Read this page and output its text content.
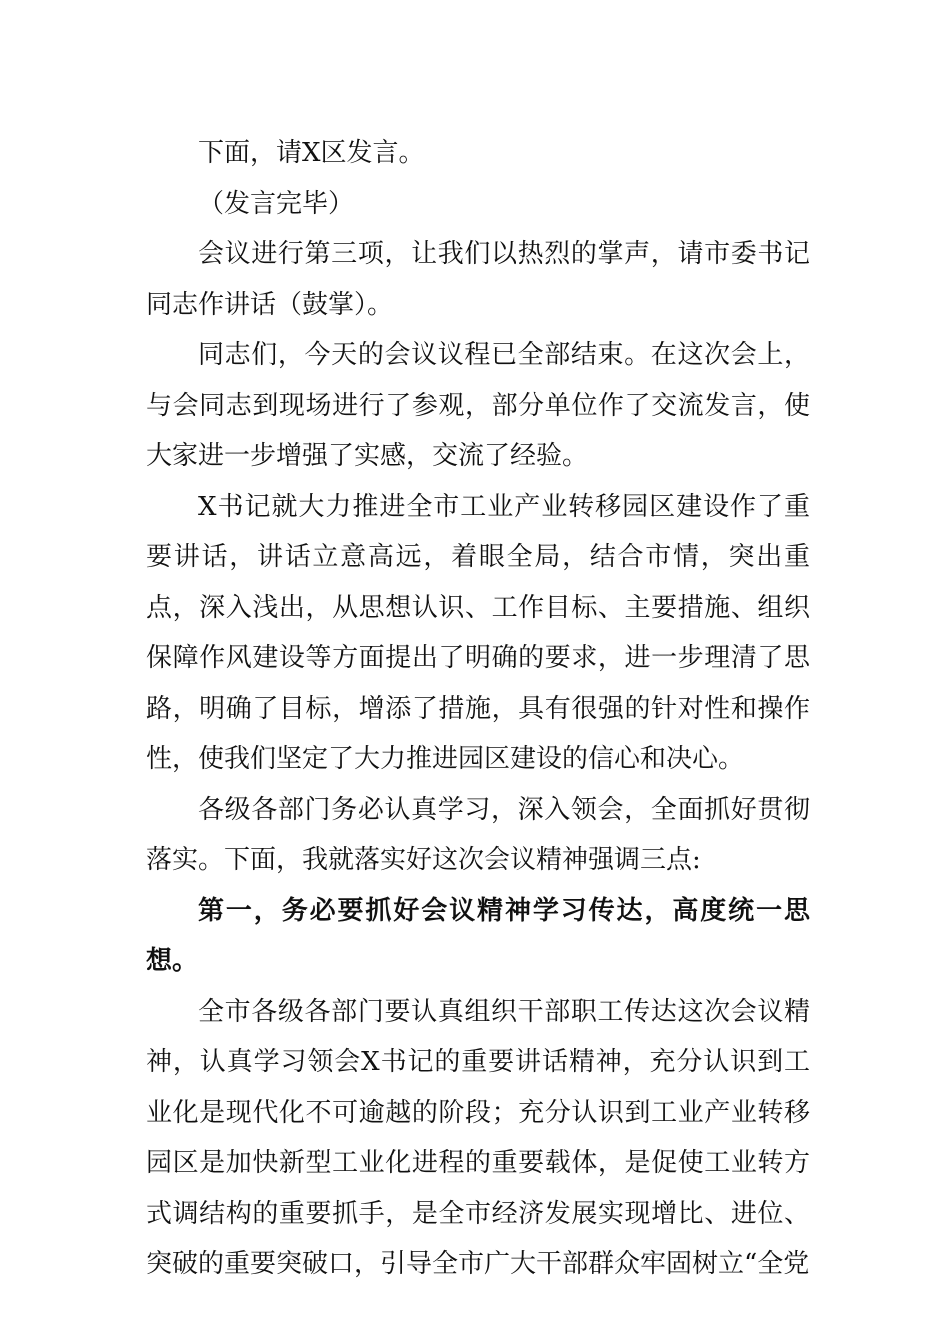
下面，请X区发言。

（发言完毕）

会议进行第三项，让我们以热烈的掌声，请市委书记同志作讲话（鼓掌）。

同志们，今天的会议议程已全部结束。在这次会上，与会同志到现场进行了参观，部分单位作了交流发言，使大家进一步增强了实感，交流了经验。

X书记就大力推进全市工业产业转移园区建设作了重要讲话，讲话立意高远，着眼全局，结合市情，突出重点，深入浅出，从思想认识、工作目标、主要措施、组织保障作风建设等方面提出了明确的要求，进一步理清了思路，明确了目标，增添了措施，具有很强的针对性和操作性，使我们坚定了大力推进园区建设的信心和决心。

各级各部门务必认真学习，深入领会，全面抓好贯彻落实。下面，我就落实好这次会议精神强调三点:

第一，务必要抓好会议精神学习传达，高度统一思想。

全市各级各部门要认真组织干部职工传达这次会议精神，认真学习领会X书记的重要讲话精神，充分认识到工业化是现代化不可逾越的阶段；充分认识到工业产业转移园区是加快新型工业化进程的重要载体，是促使工业转方式调结构的重要抓手，是全市经济发展实现增比、进位、突破的重要突破口，引导全市广大干部群众牢固树立“全党
